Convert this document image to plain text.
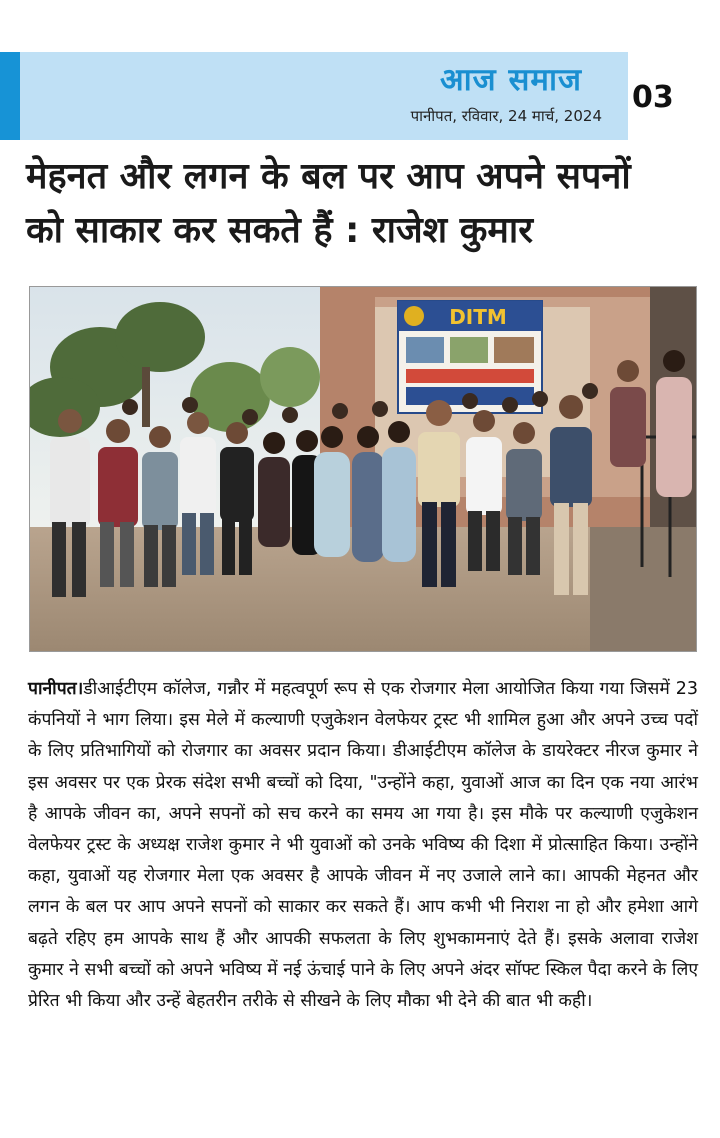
आज समाज
पानीपत, रविवार, 24 मार्च, 2024
03
मेहनत और लगन के बल पर आप अपने सपनों
को साकार कर सकते हैं : राजेश कुमार
DITM
पानीपत।डीआईटीएम कॉलेज, गन्नौर में महत्वपूर्ण रूप से एक रोजगार मेला आयोजित किया गया जिसमें 23 कंपनियों ने भाग लिया। इस मेले में कल्याणी एजुकेशन वेलफेयर ट्रस्ट भी शामिल हुआ और अपने उच्च पदों के लिए प्रतिभागियों को रोजगार का अवसर प्रदान किया। डीआईटीएम कॉलेज के डायरेक्टर नीरज कुमार ने इस अवसर पर एक प्रेरक संदेश सभी बच्चों को दिया, "उन्होंने कहा, युवाओं आज का दिन एक नया आरंभ है आपके जीवन का, अपने सपनों को सच करने का समय आ गया है। इस मौके पर कल्याणी एजुकेशन वेलफेयर ट्रस्ट के अध्यक्ष राजेश कुमार ने भी युवाओं को उनके भविष्य की दिशा में प्रोत्साहित किया। उन्होंने कहा, युवाओं यह रोजगार मेला एक अवसर है आपके जीवन में नए उजाले लाने का। आपकी मेहनत और लगन के बल पर आप अपने सपनों को साकार कर सकते हैं। आप कभी भी निराश ना हो और हमेशा आगे बढ़ते रहिए हम आपके साथ हैं और आपकी सफलता के लिए शुभकामनाएं देते हैं। इसके अलावा राजेश कुमार ने सभी बच्चों को अपने भविष्य में नई ऊंचाई पाने के लिए अपने अंदर सॉफ्ट स्किल पैदा करने के लिए प्रेरित भी किया और उन्हें बेहतरीन तरीके से सीखने के लिए मौका भी देने की बात भी कही।
